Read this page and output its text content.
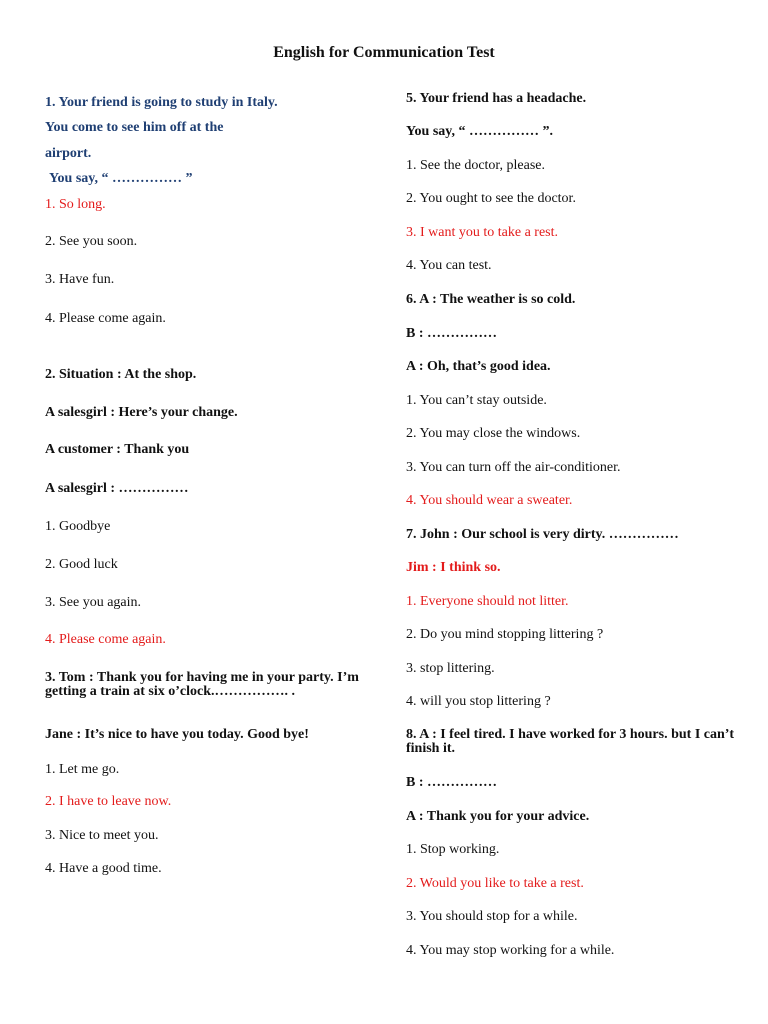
English for Communication Test
1. Your friend is going to study in Italy.
You come to see him off at the
airport.
You say, “ …………… ”
1. So long.
2. See you soon.
3. Have fun.
4. Please come again.
2. Situation : At the shop.
A salesgirl : Here’s your change.
A customer : Thank you
A salesgirl : ……………
1. Goodbye
2. Good luck
3. See you again.
4. Please come again.
3. Tom : Thank you for having me in your party. I’m getting a train at six o’clock.……………. .
Jane : It’s nice to have you today. Good bye!
1. Let me go.
2. I have to leave now.
3. Nice to meet you.
4. Have a good time.
5. Your friend has a headache.
You say, “ …………… ”.
1. See the doctor, please.
2. You ought to see the doctor.
3. I want you to take a rest.
4. You can test.
6. A : The weather is so cold.
B : ……………
A : Oh, that’s good idea.
1. You can’t stay outside.
2. You may close the windows.
3. You can turn off the air-conditioner.
4. You should wear a sweater.
7. John : Our school is very dirty. ……………
Jim : I think so.
1. Everyone should not litter.
2. Do you mind stopping littering ?
3. stop littering.
4. will you stop littering ?
8. A : I feel tired. I have worked for 3 hours. but I can’t finish it.
B : ……………
A : Thank you for your advice.
1. Stop working.
2. Would you like to take a rest.
3. You should stop for a while.
4. You may stop working for a while.
